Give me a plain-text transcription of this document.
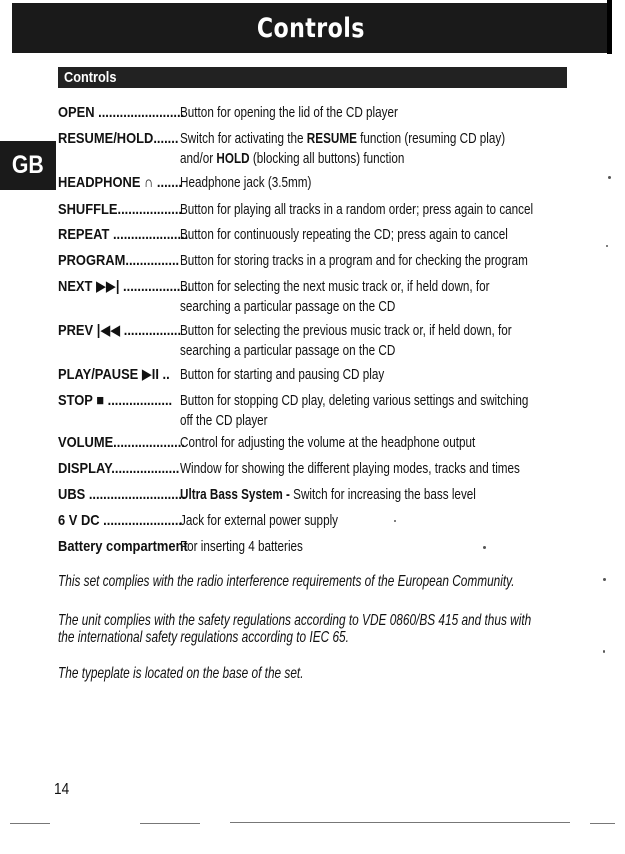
Controls
Controls
GB
OPEN ........................
Button for opening the lid of the CD player
RESUME/HOLD....... Switch for activating the RESUME function (resuming CD play)
and/or HOLD (blocking all buttons) function
HEADPHONE ∩ .......
Headphone jack (3.5mm)
SHUFFLE..................
Button for playing all tracks in a random order; press again to cancel
REPEAT .....................
Button for continuously repeating the CD; press again to cancel
PROGRAM............... Button for storing tracks in a program and for checking the program
NEXT ▶▶| ...................
Button for selecting the next music track or, if held down, for
searching a particular passage on the CD
PREV |◀◀ ................
Button for selecting the previous music track or, if held down, for
searching a particular passage on the CD
PLAY/PAUSE ▶II .. Button for starting and pausing CD play
STOP ■ .................. Button for stopping CD play, deleting various settings and switching
off the CD player
VOLUME....................
Control for adjusting the volume at the headphone output
DISPLAY................... Window for showing the different playing modes, tracks and times
UBS ...........................
Ultra Bass System - Switch for increasing the bass level
6 V DC ......................
Jack for external power supply
Battery compartment
For inserting 4 batteries
This set complies with the radio interference requirements of the European Community.
The unit complies with the safety regulations according to VDE 0860/BS 415 and thus with
the international safety regulations according to IEC 65.
The typeplate is located on the base of the set.
14
